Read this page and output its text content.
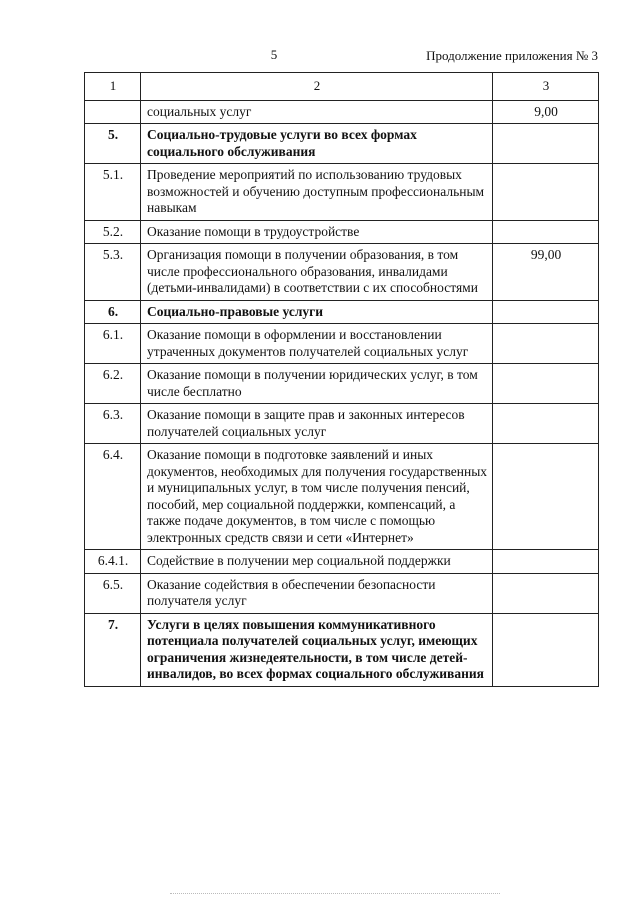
5	Продолжение приложения № 3
1	2	3
	социальных услуг	9,00
5.	Социально-трудовые услуги во всех формах социального обслуживания	
5.1.	Проведение мероприятий по использованию трудовых возможностей и обучению доступным профессиональным навыкам	
5.2.	Оказание помощи в трудоустройстве	
5.3.	Организация помощи в получении образования, в том числе профессионального образования, инвалидами (детьми-инвалидами) в соответствии с их способностями	99,00
6.	Социально-правовые услуги	
6.1.	Оказание помощи в оформлении и восстановлении утраченных документов получателей социальных услуг	
6.2.	Оказание помощи в получении юридических услуг, в том числе бесплатно	
6.3.	Оказание помощи в защите прав и законных интересов получателей социальных услуг	
6.4.	Оказание помощи в подготовке заявлений и иных документов, необходимых для получения государственных и муниципальных услуг, в том числе получения пенсий, пособий, мер социальной поддержки, компенсаций, а также подаче документов, в том числе с помощью электронных средств связи и сети «Интернет»	
6.4.1.	Содействие в получении мер социальной поддержки	
6.5.	Оказание содействия в обеспечении безопасности получателя услуг	
7.	Услуги в целях повышения коммуникативного потенциала получателей социальных услуг, имеющих ограничения жизнедеятельности, в том числе детей-инвалидов, во всех формах социального обслуживания	
